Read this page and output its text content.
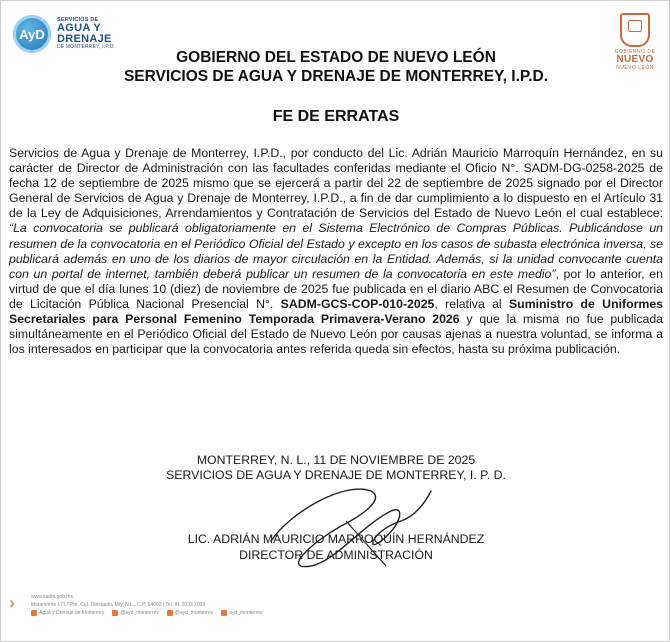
AyD
SERVICIOS DE
AGUA Y
DRENAJE
DE MONTERREY, I.P.D.
GOBIERNO DE
NUEVO
NUEVO LEÓN
GOBIERNO DEL ESTADO DE NUEVO LEÓN
SERVICIOS DE AGUA Y DRENAJE DE MONTERREY, I.P.D.
FE DE ERRATAS
Servicios de Agua y Drenaje de Monterrey, I.P.D., por conducto del Lic. Adrián Mauricio Marroquín Hernández, en su carácter de Director de Administración con las facultades conferidas mediante el Oficio N°. SADM-DG-0258-2025 de fecha 12 de septiembre de 2025 mismo que se ejercerá a partir del 22 de septiembre de 2025 signado por el Director General de Servicios de Agua y Drenaje de Monterrey, I.P.D., a fin de dar cumplimiento a lo dispuesto en el Artículo 31 de la Ley de Adquisiciones, Arrendamientos y Contratación de Servicios del Estado de Nuevo León el cual establece: “La convocatoria se publicará obligatoriamente en el Sistema Electrónico de Compras Públicas. Publicándose un resumen de la convocatoria en el Periódico Oficial del Estado y excepto en los casos de subasta electrónica inversa, se publicará además en uno de los diarios de mayor circulación en la Entidad. Además, si la unidad convocante cuenta con un portal de internet, también deberá publicar un resumen de la convocatoria en este medio”, por lo anterior, en virtud de que el día lunes 10 (diez) de noviembre de 2025 fue publicada en el diario ABC el Resumen de Convocatoria de Licitación Pública Nacional Presencial N°. SADM-GCS-COP-010-2025, relativa al Suministro de Uniformes Secretariales para Personal Femenino Temporada Primavera-Verano 2026 y que la misma no fue publicada simultáneamente en el Periódico Oficial del Estado de Nuevo León por causas ajenas a nuestra voluntad, se informa a los interesados en participar que la convocatoria antes referida queda sin efectos, hasta su próxima publicación.
MONTERREY, N. L., 11 DE NOVIEMBRE DE 2025
SERVICIOS DE AGUA Y DRENAJE DE MONTERREY, I. P. D.
LIC. ADRIÁN MAURICIO MARROQUÍN HERNÁNDEZ
DIRECTOR DE ADMINISTRACIÓN
›	www.sadm.gob.mx
Matamoros 1717 Pte. Col. Obispado, Mty, N.L., C.P. 64060 | Tel. 81 2033 2033
Agua y Drenaje de Monterrey	@ayd_monterrey	@ayd_monterrey	ayd_monterrey
